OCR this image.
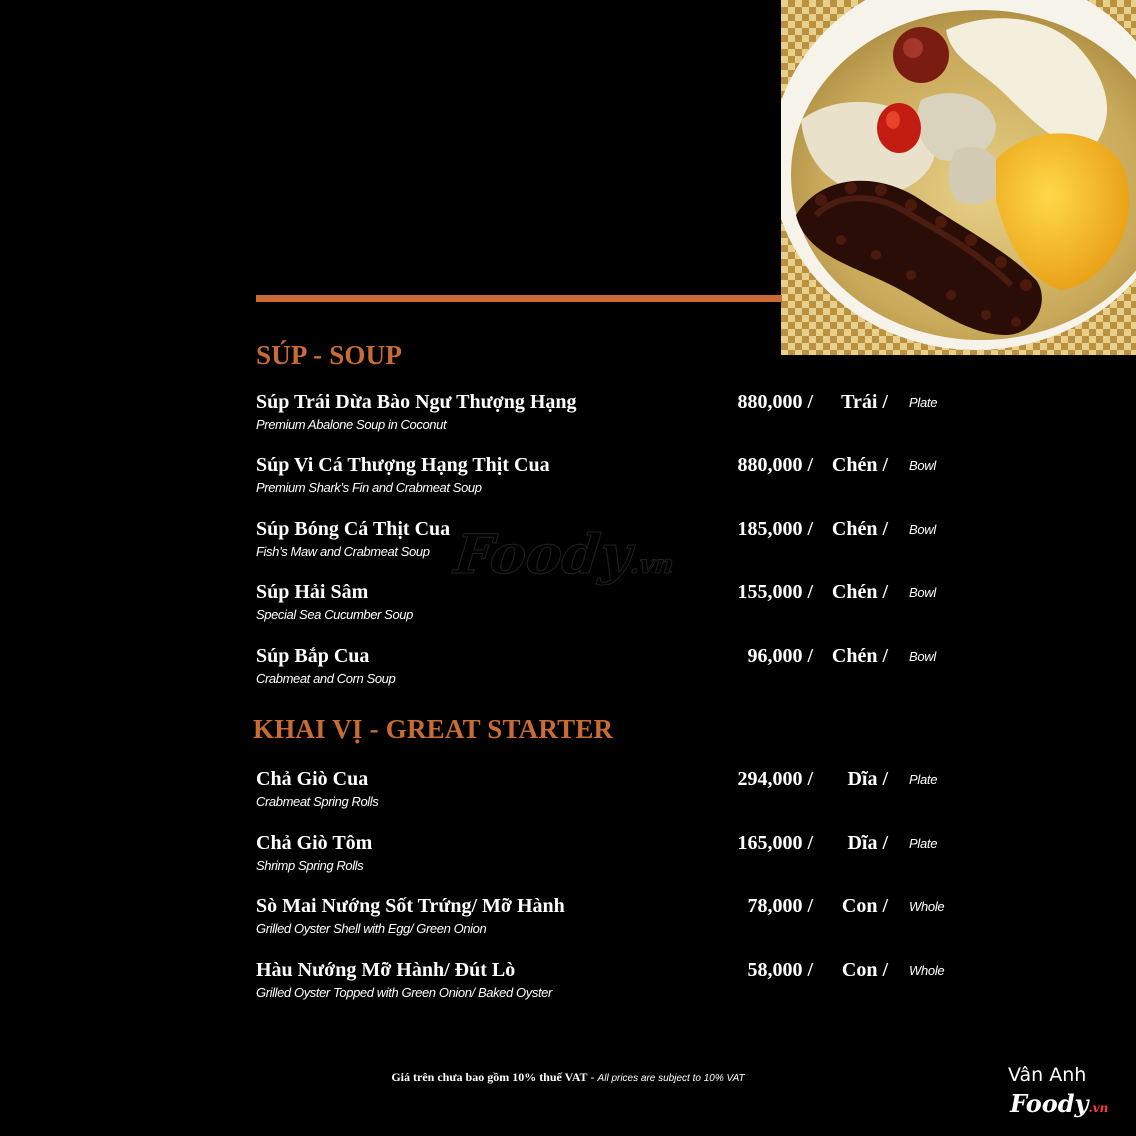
Foody.vn
SÚP - SOUP
Súp Trái Dừa Bào Ngư Thượng Hạng
Premium Abalone Soup in Coconut
880,000 / Trái / Plate
Súp Vi Cá Thượng Hạng Thịt Cua
Premium Shark’s Fin and Crabmeat Soup
880,000 / Chén / Bowl
Súp Bóng Cá Thịt Cua
Fish’s Maw and Crabmeat Soup
185,000 / Chén / Bowl
Súp Hải Sâm
Special Sea Cucumber Soup
155,000 / Chén / Bowl
Súp Bắp Cua
Crabmeat and Corn Soup
96,000 / Chén / Bowl
KHAI VỊ - GREAT STARTER
Chả Giò Cua
Crabmeat Spring Rolls
294,000 / Dĩa / Plate
Chả Giò Tôm
Shrimp Spring Rolls
165,000 / Dĩa / Plate
Sò Mai Nướng Sốt Trứng/ Mỡ Hành
Grilled Oyster Shell with Egg/ Green Onion
78,000 / Con / Whole
Hàu Nướng Mỡ Hành/ Đút Lò
Grilled Oyster Topped with Green Onion/ Baked Oyster
58,000 / Con / Whole
Giá trên chưa bao gồm 10% thuế VAT - All prices are subject to 10% VAT	Vân Anh
Foody.vn
